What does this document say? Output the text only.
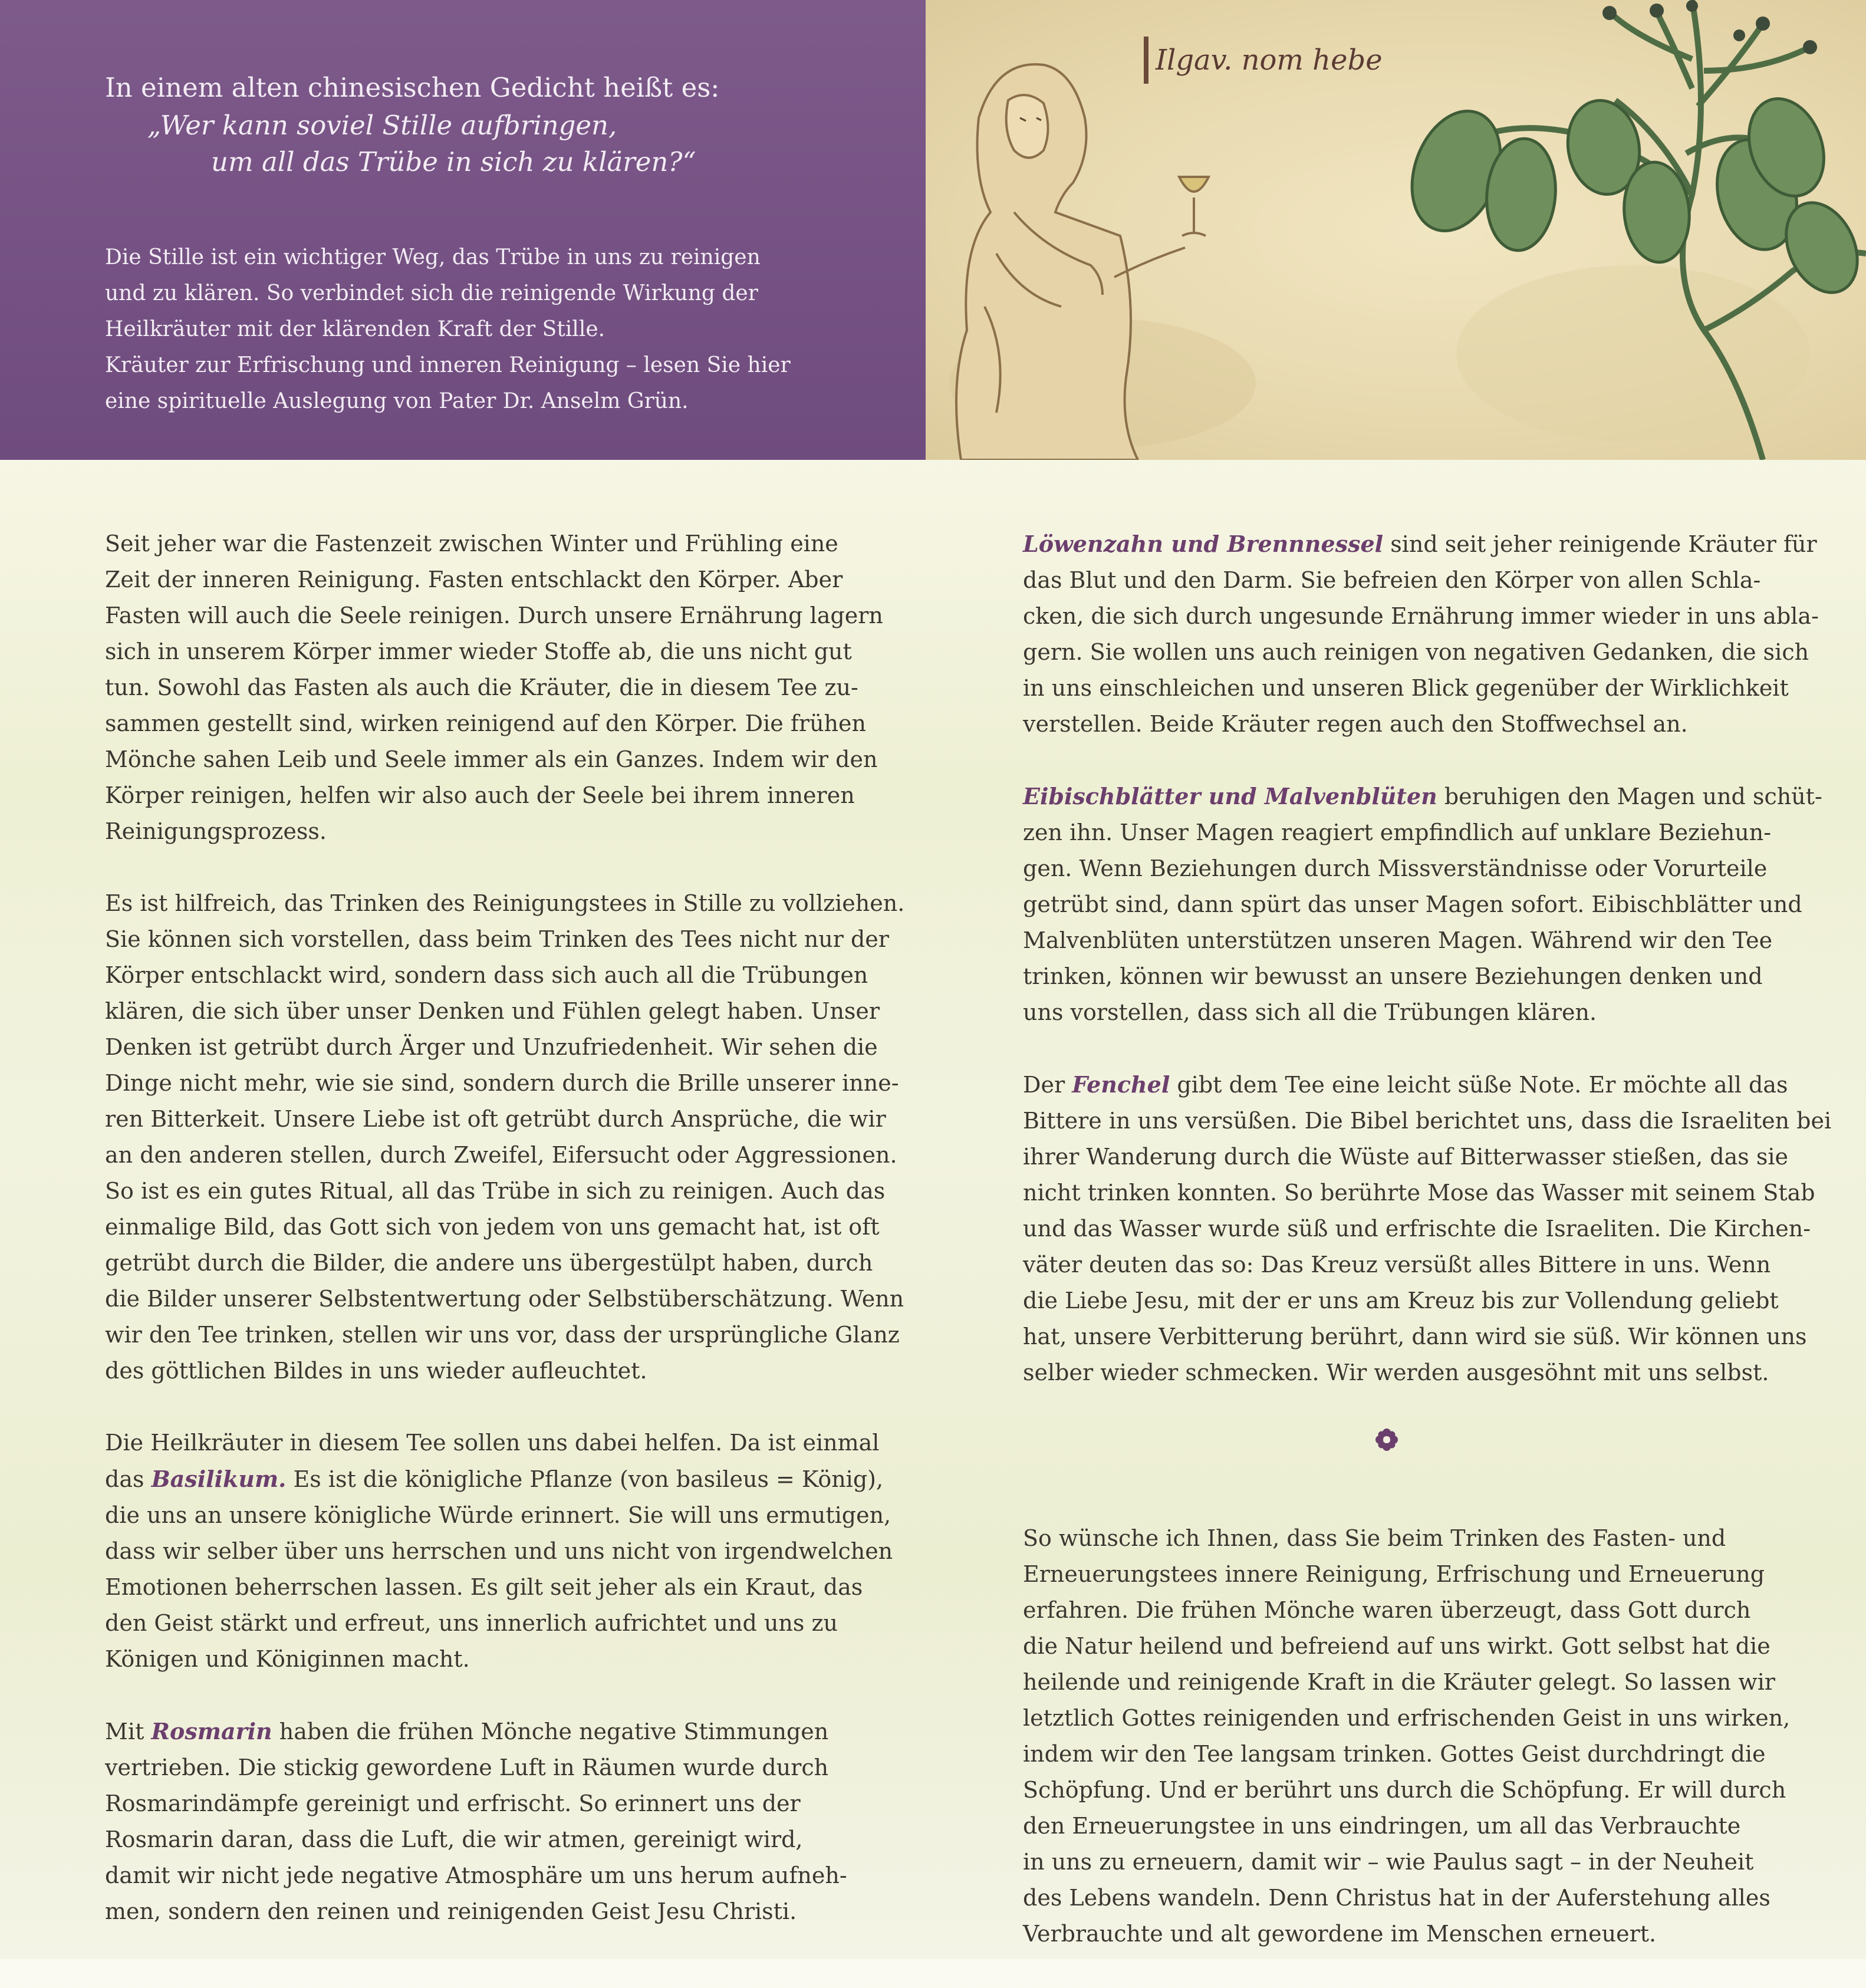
In einem alten chinesischen Gedicht heißt es:
„Wer kann soviel Stille aufbringen,
um all das Trübe in sich zu klären?“
Die Stille ist ein wichtiger Weg, das Trübe in uns zu reinigen
und zu klären. So verbindet sich die reinigende Wirkung der
Heilkräuter mit der klärenden Kraft der Stille.
Kräuter zur Erfrischung und inneren Reinigung – lesen Sie hier
eine spirituelle Auslegung von Pater Dr. Anselm Grün.
Ilgav. nom hebe

Seit jeher war die Fastenzeit zwischen Winter und Frühling eine
Zeit der inneren Reinigung. Fasten entschlackt den Körper. Aber
Fasten will auch die Seele reinigen. Durch unsere Ernährung lagern
sich in unserem Körper immer wieder Stoffe ab, die uns nicht gut
tun. Sowohl das Fasten als auch die Kräuter, die in diesem Tee zu-
sammen gestellt sind, wirken reinigend auf den Körper. Die frühen
Mönche sahen Leib und Seele immer als ein Ganzes. Indem wir den
Körper reinigen, helfen wir also auch der Seele bei ihrem inneren
Reinigungsprozess.

Es ist hilfreich, das Trinken des Reinigungstees in Stille zu vollziehen.
Sie können sich vorstellen, dass beim Trinken des Tees nicht nur der
Körper entschlackt wird, sondern dass sich auch all die Trübungen
klären, die sich über unser Denken und Fühlen gelegt haben. Unser
Denken ist getrübt durch Ärger und Unzufriedenheit. Wir sehen die
Dinge nicht mehr, wie sie sind, sondern durch die Brille unserer inne-
ren Bitterkeit. Unsere Liebe ist oft getrübt durch Ansprüche, die wir
an den anderen stellen, durch Zweifel, Eifersucht oder Aggressionen.
So ist es ein gutes Ritual, all das Trübe in sich zu reinigen. Auch das
einmalige Bild, das Gott sich von jedem von uns gemacht hat, ist oft
getrübt durch die Bilder, die andere uns übergestülpt haben, durch
die Bilder unserer Selbstentwertung oder Selbstüberschätzung. Wenn
wir den Tee trinken, stellen wir uns vor, dass der ursprüngliche Glanz
des göttlichen Bildes in uns wieder aufleuchtet.

Die Heilkräuter in diesem Tee sollen uns dabei helfen. Da ist einmal
das Basilikum. Es ist die königliche Pflanze (von basileus = König),
die uns an unsere königliche Würde erinnert. Sie will uns ermutigen,
dass wir selber über uns herrschen und uns nicht von irgendwelchen
Emotionen beherrschen lassen. Es gilt seit jeher als ein Kraut, das
den Geist stärkt und erfreut, uns innerlich aufrichtet und uns zu
Königen und Königinnen macht.

Mit Rosmarin haben die frühen Mönche negative Stimmungen
vertrieben. Die stickig gewordene Luft in Räumen wurde durch
Rosmarindämpfe gereinigt und erfrischt. So erinnert uns der
Rosmarin daran, dass die Luft, die wir atmen, gereinigt wird,
damit wir nicht jede negative Atmosphäre um uns herum aufneh-
men, sondern den reinen und reinigenden Geist Jesu Christi.

Löwenzahn und Brennnessel sind seit jeher reinigende Kräuter für
das Blut und den Darm. Sie befreien den Körper von allen Schla-
cken, die sich durch ungesunde Ernährung immer wieder in uns abla-
gern. Sie wollen uns auch reinigen von negativen Gedanken, die sich
in uns einschleichen und unseren Blick gegenüber der Wirklichkeit
verstellen. Beide Kräuter regen auch den Stoffwechsel an.

Eibischblätter und Malvenblüten beruhigen den Magen und schüt-
zen ihn. Unser Magen reagiert empfindlich auf unklare Beziehun-
gen. Wenn Beziehungen durch Missverständnisse oder Vorurteile
getrübt sind, dann spürt das unser Magen sofort. Eibischblätter und
Malvenblüten unterstützen unseren Magen. Während wir den Tee
trinken, können wir bewusst an unsere Beziehungen denken und
uns vorstellen, dass sich all die Trübungen klären.

Der Fenchel gibt dem Tee eine leicht süße Note. Er möchte all das
Bittere in uns versüßen. Die Bibel berichtet uns, dass die Israeliten bei
ihrer Wanderung durch die Wüste auf Bitterwasser stießen, das sie
nicht trinken konnten. So berührte Mose das Wasser mit seinem Stab
und das Wasser wurde süß und erfrischte die Israeliten. Die Kirchen-
väter deuten das so: Das Kreuz versüßt alles Bittere in uns. Wenn
die Liebe Jesu, mit der er uns am Kreuz bis zur Vollendung geliebt
hat, unsere Verbitterung berührt, dann wird sie süß. Wir können uns
selber wieder schmecken. Wir werden ausgesöhnt mit uns selbst.

So wünsche ich Ihnen, dass Sie beim Trinken des Fasten- und
Erneuerungstees innere Reinigung, Erfrischung und Erneuerung
erfahren. Die frühen Mönche waren überzeugt, dass Gott durch
die Natur heilend und befreiend auf uns wirkt. Gott selbst hat die
heilende und reinigende Kraft in die Kräuter gelegt. So lassen wir
letztlich Gottes reinigenden und erfrischenden Geist in uns wirken,
indem wir den Tee langsam trinken. Gottes Geist durchdringt die
Schöpfung. Und er berührt uns durch die Schöpfung. Er will durch
den Erneuerungstee in uns eindringen, um all das Verbrauchte
in uns zu erneuern, damit wir – wie Paulus sagt – in der Neuheit
des Lebens wandeln. Denn Christus hat in der Auferstehung alles
Verbrauchte und alt gewordene im Menschen erneuert.
